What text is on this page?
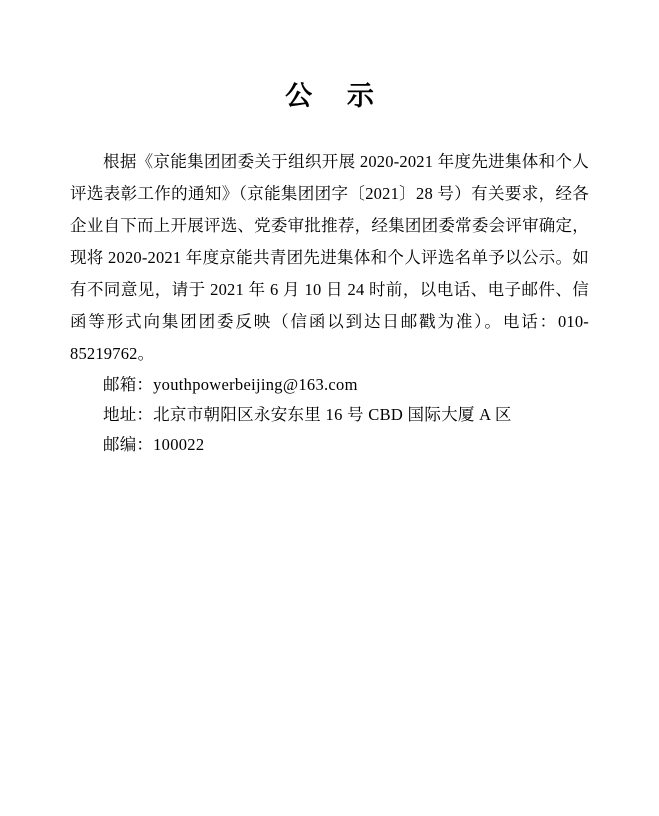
公 示

根据《京能集团团委关于组织开展 2020-2021 年度先进集体和个人评选表彰工作的通知》（京能集团团字〔2021〕28 号）有关要求，经各企业自下而上开展评选、党委审批推荐，经集团团委常委会评审确定，现将 2020-2021 年度京能共青团先进集体和个人评选名单予以公示。如有不同意见，请于 2021 年 6 月 10 日 24 时前，以电话、电子邮件、信函等形式向集团团委反映（信函以到达日邮戳为准）。电话：010-85219762。

邮箱：youthpowerbeijing@163.com
地址：北京市朝阳区永安东里 16 号 CBD 国际大厦 A 区
邮编：100022
